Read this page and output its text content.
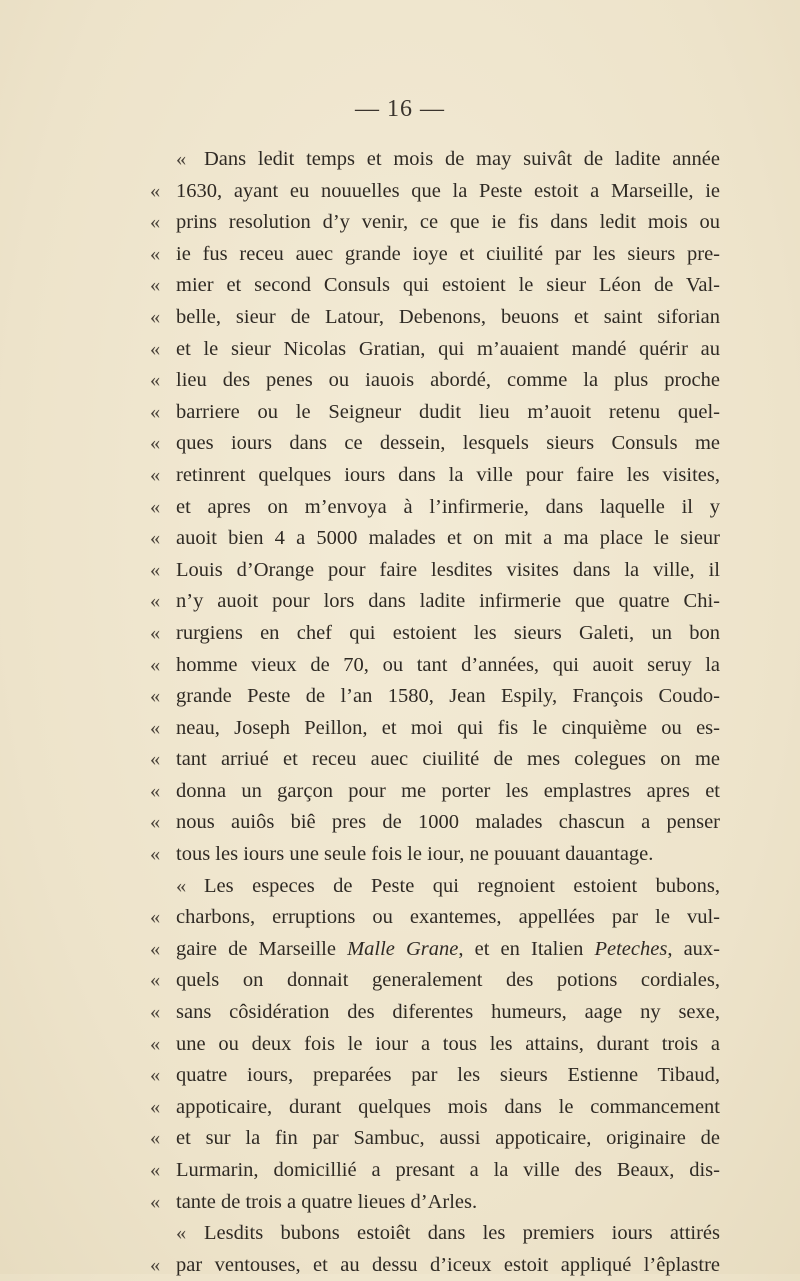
— 16 —
« Dans ledit temps et mois de may suivât de ladite année
« 1630, ayant eu nouuelles que la Peste estoit a Marseille, ie
« prins resolution d’y venir, ce que ie fis dans ledit mois ou
« ie fus receu auec grande ioye et ciuilité par les sieurs pre-
« mier et second Consuls qui estoient le sieur Léon de Val-
« belle, sieur de Latour, Debenons, beuons et saint siforian
« et le sieur Nicolas Gratian, qui m’auaient mandé quérir au
« lieu des penes ou iauois abordé, comme la plus proche
« barriere ou le Seigneur dudit lieu m’auoit retenu quel-
« ques iours dans ce dessein, lesquels sieurs Consuls me
« retinrent quelques iours dans la ville pour faire les visites,
« et apres on m’envoya à l’infirmerie, dans laquelle il y
« auoit bien 4 a 5000 malades et on mit a ma place le sieur
« Louis d’Orange pour faire lesdites visites dans la ville, il
« n’y auoit pour lors dans ladite infirmerie que quatre Chi-
« rurgiens en chef qui estoient les sieurs Galeti, un bon
« homme vieux de 70, ou tant d’années, qui auoit seruy la
« grande Peste de l’an 1580, Jean Espily, François Coudo-
« neau, Joseph Peillon, et moi qui fis le cinquième ou es-
« tant arriué et receu auec ciuilité de mes colegues on me
« donna un garçon pour me porter les emplastres apres et
« nous auiôs biê pres de 1000 malades chascun a penser
« tous les iours une seule fois le iour, ne pouuant dauantage.
« Les especes de Peste qui regnoient estoient bubons,
« charbons, erruptions ou exantemes, appellées par le vul-
« gaire de Marseille Malle Grane, et en Italien Peteches, aux-
« quels on donnait generalement des potions cordiales,
« sans côsidération des diferentes humeurs, aage ny sexe,
« une ou deux fois le iour a tous les attains, durant trois a
« quatre iours, preparées par les sieurs Estienne Tibaud,
« appoticaire, durant quelques mois dans le commancement
« et sur la fin par Sambuc, aussi appoticaire, originaire de
« Lurmarin, domicillié a presant a la ville des Beaux, dis-
« tante de trois a quatre lieues d’Arles.
« Lesdits bubons estoiêt dans les premiers iours attirés
« par ventouses, et au dessu d’iceux estoit appliqué l’êplastre
